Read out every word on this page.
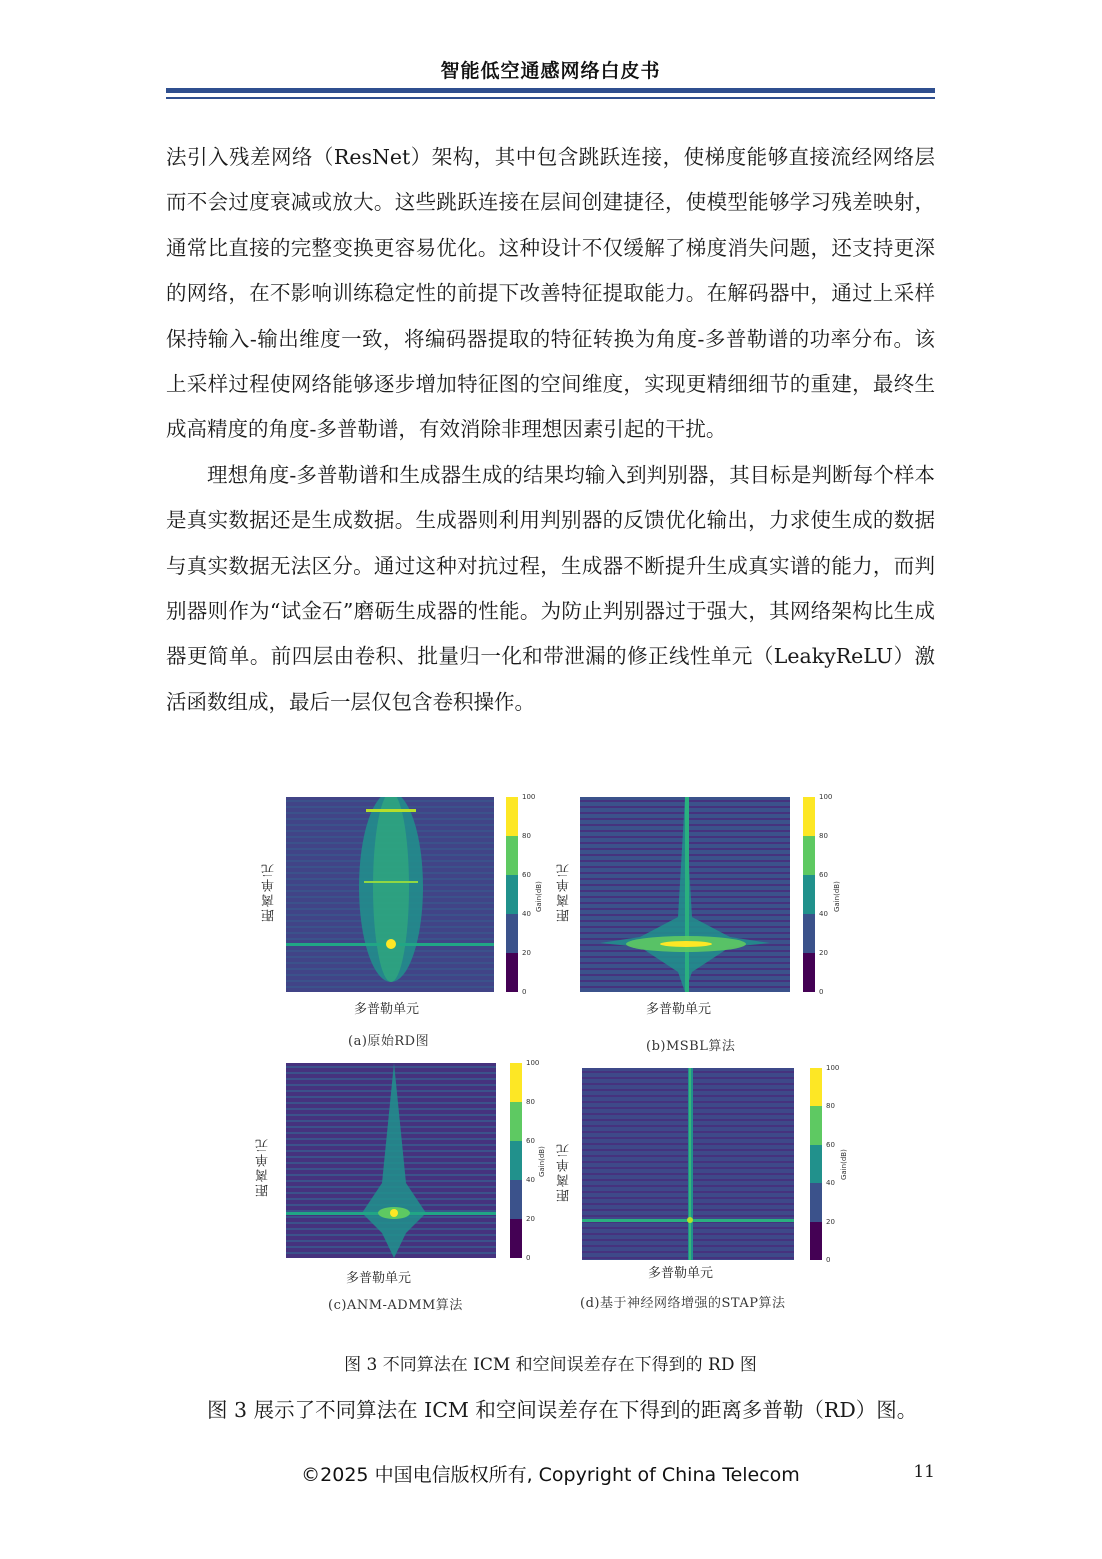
智能低空通感网络白皮书

法引入残差网络（ResNet）架构，其中包含跳跃连接，使梯度能够直接流经网络层而不会过度衰减或放大。这些跳跃连接在层间创建捷径，使模型能够学习残差映射，通常比直接的完整变换更容易优化。这种设计不仅缓解了梯度消失问题，还支持更深的网络，在不影响训练稳定性的前提下改善特征提取能力。在解码器中，通过上采样保持输入-输出维度一致，将编码器提取的特征转换为角度-多普勒谱的功率分布。该上采样过程使网络能够逐步增加特征图的空间维度，实现更精细细节的重建，最终生成高精度的角度-多普勒谱，有效消除非理想因素引起的干扰。

理想角度-多普勒谱和生成器生成的结果均输入到判别器，其目标是判断每个样本是真实数据还是生成数据。生成器则利用判别器的反馈优化输出，力求使生成的数据与真实数据无法区分。通过这种对抗过程，生成器不断提升生成真实谱的能力，而判别器则作为“试金石”磨砺生成器的性能。为防止判别器过于强大，其网络架构比生成器更简单。前四层由卷积、批量归一化和带泄漏的修正线性单元（LeakyReLU）激活函数组成，最后一层仅包含卷积操作。

距离单元
100
80
60
40
20
0
Gain(dB)
多普勒单元
(a)原始RD图
距离单元
100
80
60
40
20
0
Gain(dB)
多普勒单元
(b)MSBL算法
距离单元
100
80
60
40
20
0
Gain(dB)
多普勒单元
(c)ANM-ADMM算法
距离单元
100
80
60
40
20
0
Gain(dB)
多普勒单元
(d)基于神经网络增强的STAP算法
图 3 不同算法在 ICM 和空间误差存在下得到的 RD 图
图 3 展示了不同算法在 ICM 和空间误差存在下得到的距离多普勒（RD）图。
©2025 中国电信版权所有, Copyright of China Telecom	11
